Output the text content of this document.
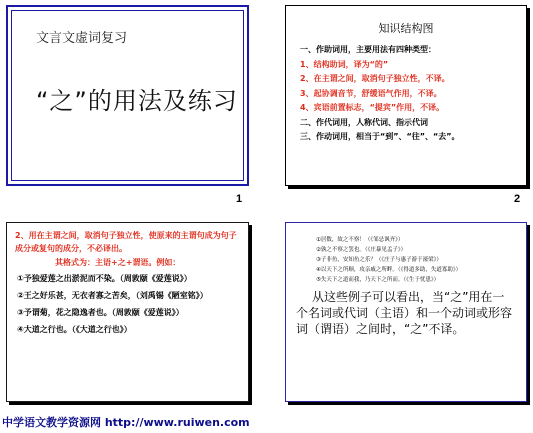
文言文虚词复习
“之”的用法及练习
1
知识结构图
一、作助词用，主要用法有四种类型：
1、结构助词，译为“的”
2、在主谓之间，取消句子独立性，不译。
3、起协调音节，舒缓语气作用，不译。
4、宾语前置标志，“提宾”作用，不译。
二、作代词用，人称代词、指示代词
三、作动词用，相当于“到”、“往”、“去”。
2
2、用在主谓之间，取消句子独立性，使原来的主谓句成为句子成分或复句的成分，不必译出。
其格式为：主语+之+谓语。例如：
①予独爱莲之出淤泥而不染。（周敦颐《爱莲说》）
②王之好乐甚，无衣者寡之苦矣，（刘禹锡《陋室铭》）
③予谓菊，花之隐逸者也。（周敦颐《爱莲说》）
④大道之行也。（《大道之行也》）
①居数，故之不察！（《邹忌讽齐》）
②孰之不察之罢也。（《庄暴见孟子》）
③子非鱼，安知鱼之乐？（《庄子与惠子游于濠梁》）
④以天下之所顺，攻亲戚之所畔。（《得道多助，失道寡助》）
⑤失天下之道而我，乃天下之所而。（《生于忧患》）
从这些例子可以看出，当“之”用在一个名词或代词（主语）和一个动词或形容词（谓语）之间时，“之”不译。
中学语文教学资源网 http://www.ruiwen.com
